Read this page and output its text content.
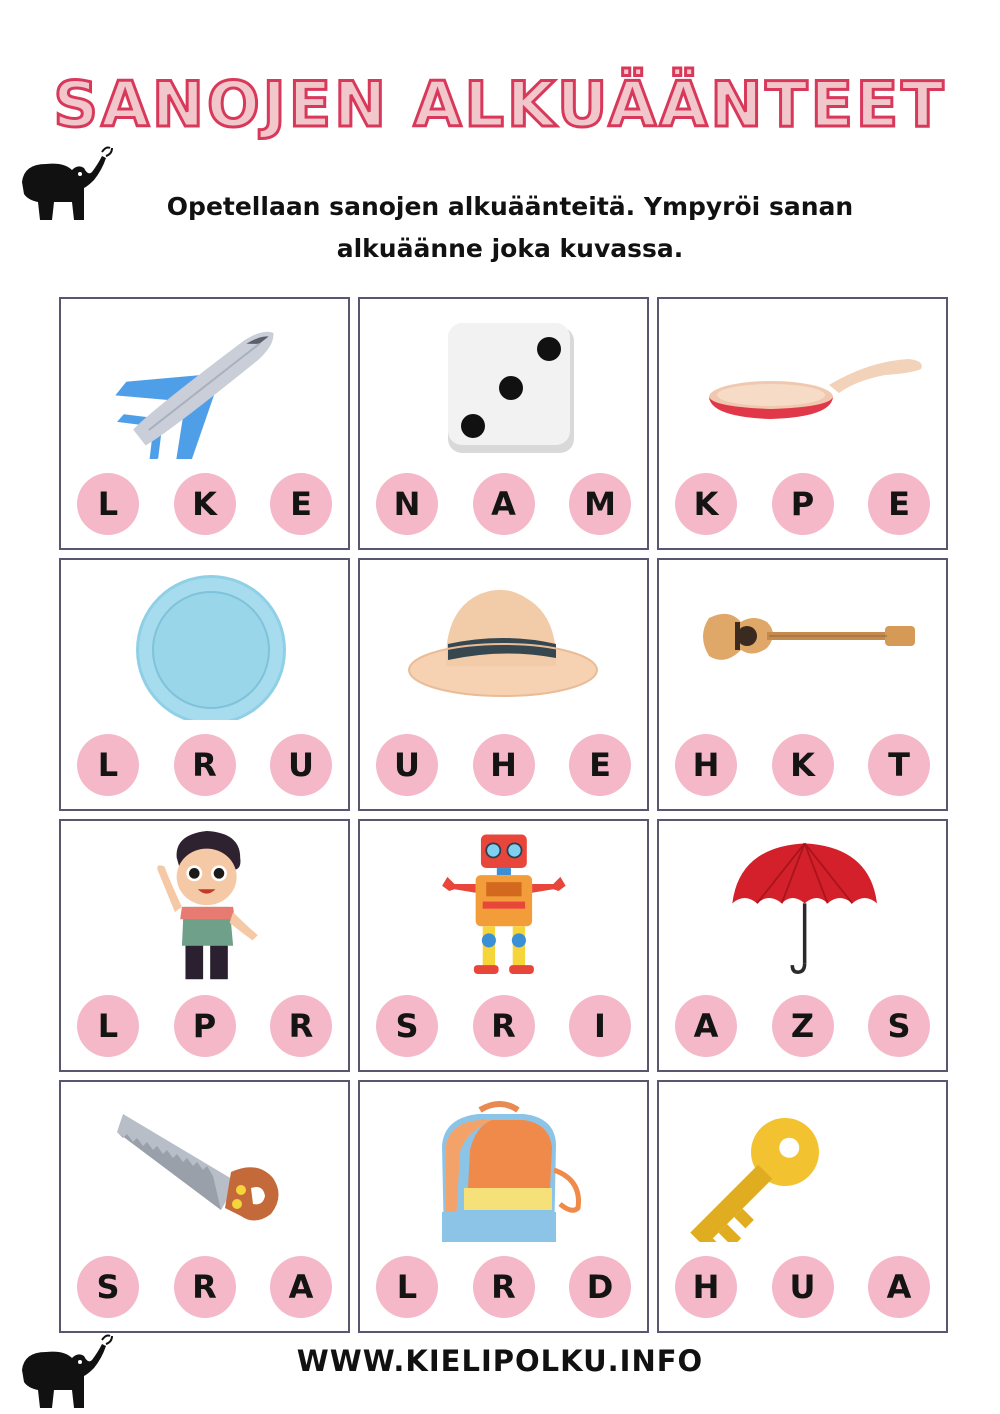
SANOJEN ALKUÄÄNTEET
Opetellaan sanojen alkuäänteitä. Ympyröi sanan
alkuäänne joka kuvassa.
L	K	E	N	A	M	K	P	E
L	R	U	U	H	E	H	K	T
L	P	R	S	R	I	A	Z	S
S	R	A	L	R	D	H	U	A
WWW.KIELIPOLKU.INFO
